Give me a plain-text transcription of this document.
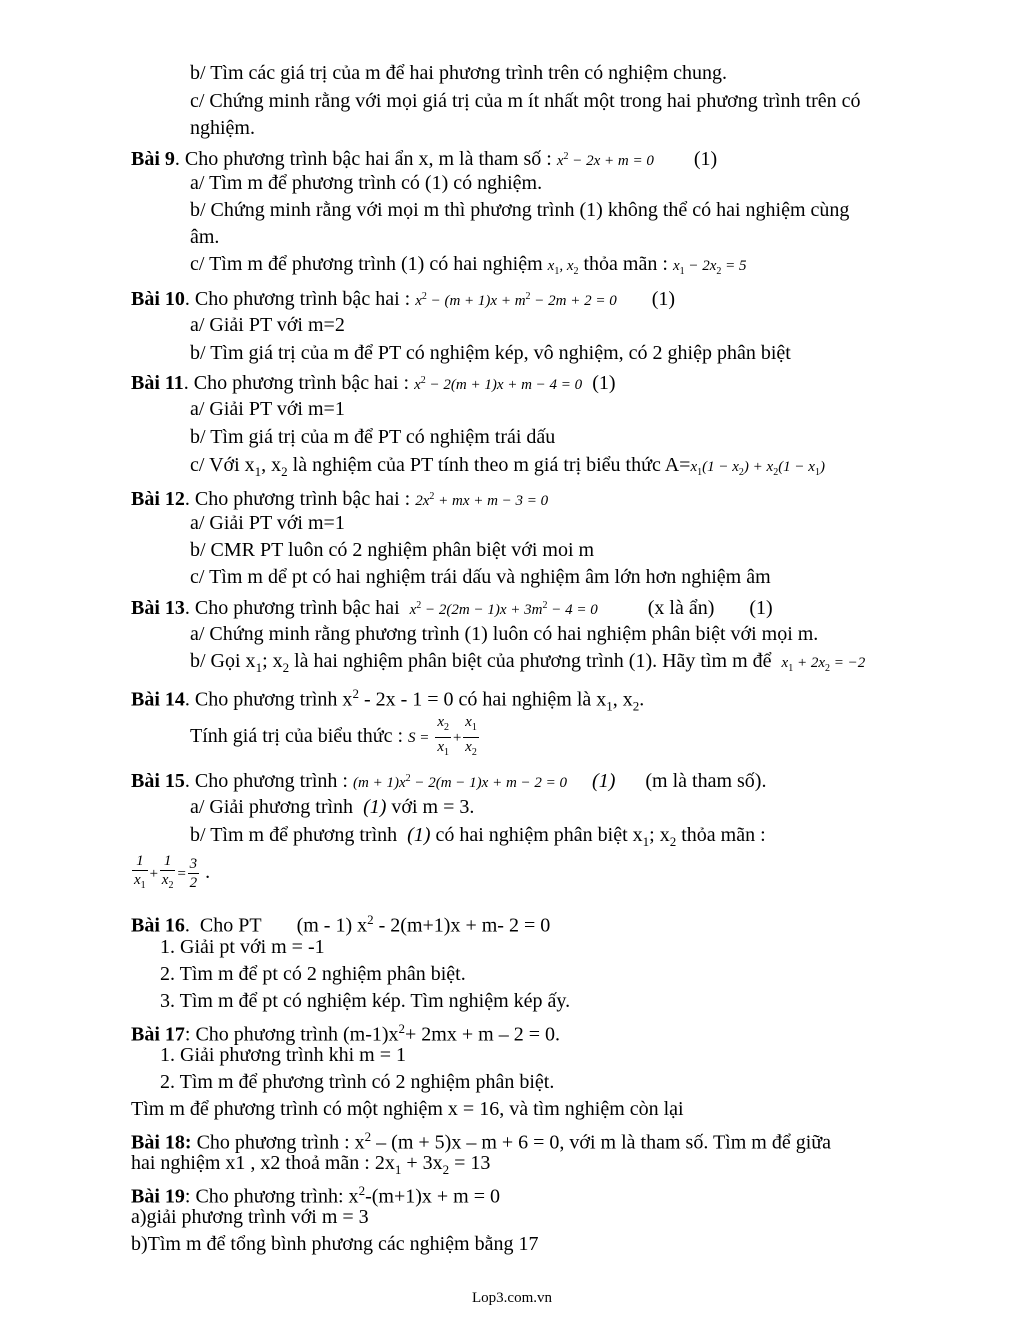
b/ Tìm các giá trị của m để hai phương trình trên có nghiệm chung.
c/ Chứng minh rằng với mọi giá trị của m ít nhất một trong hai phương trình trên có
nghiệm.
Bài 9. Cho phương trình bậc hai ẩn x, m là tham số : $x^2 - 2x + m = 0$        (1)
a/ Tìm m để phương trình có (1) có nghiệm.
b/ Chứng minh rằng với mọi m thì phương trình (1) không thể có hai nghiệm cùng
âm.
c/ Tìm m để phương trình (1) có hai nghiệm $x_1$, $x_2$ thỏa mãn : $x_1 - 2x_2 = 5$
Bài 10. Cho phương trình bậc hai : $x^2 - (m + 1)x + m^2 - 2m + 2 = 0$       (1)
a/ Giải PT với m=2
b/ Tìm giá trị của m để PT có nghiệm kép, vô nghiệm, có 2 ghiệp phân biệt
Bài 11. Cho phương trình bậc hai : $x^2 - 2(m + 1)x + m - 4 = 0$  (1)
a/ Giải PT với m=1
b/ Tìm giá trị của m để PT có nghiệm trái dấu
c/ Với $x_1$, $x_2$ là nghiệm của PT tính theo m giá trị biểu thức $A=x_1(1 - x_2) + x_2(1 - x_1)$
Bài 12. Cho phương trình bậc hai : $2x^2$ + mx + m − 3 = 0
a/ Giải PT với m=1
b/ CMR PT luôn có 2 nghiệm phân biệt với moi m
c/ Tìm m dể pt có hai nghiệm trái dấu và nghiệm âm lớn hơn nghiệm âm
Bài 13. Cho phương trình bậc hai  $x^2 - 2(2m - 1)x + 3m^2 - 4 = 0$          (x là ẩn)       (1)
a/ Chứng minh rằng phương trình (1) luôn có hai nghiệm phân biệt với mọi m.
b/ Gọi $x_1$; $x_2$ là hai nghiệm phân biệt của phương trình (1). Hãy tìm m để  $x_1 + 2x_2 = -2$
Bài 14. Cho phương trình $x^2 - 2x - 1 = 0$ có hai nghiệm là $x_1$, $x_2$.
Tính giá trị của biểu thức : $S = \frac{x_2}{x_1} + \frac{x_1}{x_2}$
Bài 15. Cho phương trình : $(m + 1)x^2 - 2(m - 1)x + m - 2 = 0$ (1)      (m là tham số).
a/ Giải phương trình  (1) với m = 3.
b/ Tìm m để phương trình  (1) có hai nghiệm phân biệt $x_1$; $x_2$ thỏa mãn :
$\frac{1}{x_1} + \frac{1}{x_2} = \frac{3}{2}$ .
Bài 16.  Cho PT       (m - 1) $x^2 - 2(m+1)x + m-$ 2 = 0
1. Giải pt với m = -1
2. Tìm m để pt có 2 nghiệm phân biệt.
3. Tìm m để pt có nghiệm kép. Tìm nghiệm kép ấy.
Bài 17: Cho phương trình $(m-1)x^2+ 2mx + m - 2 = 0$.
1. Giải phương trình khi m = 1
2. Tìm m để phương trình có 2 nghiệm phân biệt.
Tìm m để phương trình có một nghiệm x = 16, và tìm nghiệm còn lại
Bài 18: Cho phương trình : $x^2 - (m + 5)x - m + 6 = 0$, với m là tham số. Tìm m để giữa
hai nghiệm x1 , x2 thoả mãn : $2x_1 + 3x_2 = 13$
Bài 19: Cho phương trình: $x^2-(m+1)x + m = 0$
a)giải phương trình với m = 3
b)Tìm m để tổng bình phương các nghiệm bằng 17
Lop3.com.vn
